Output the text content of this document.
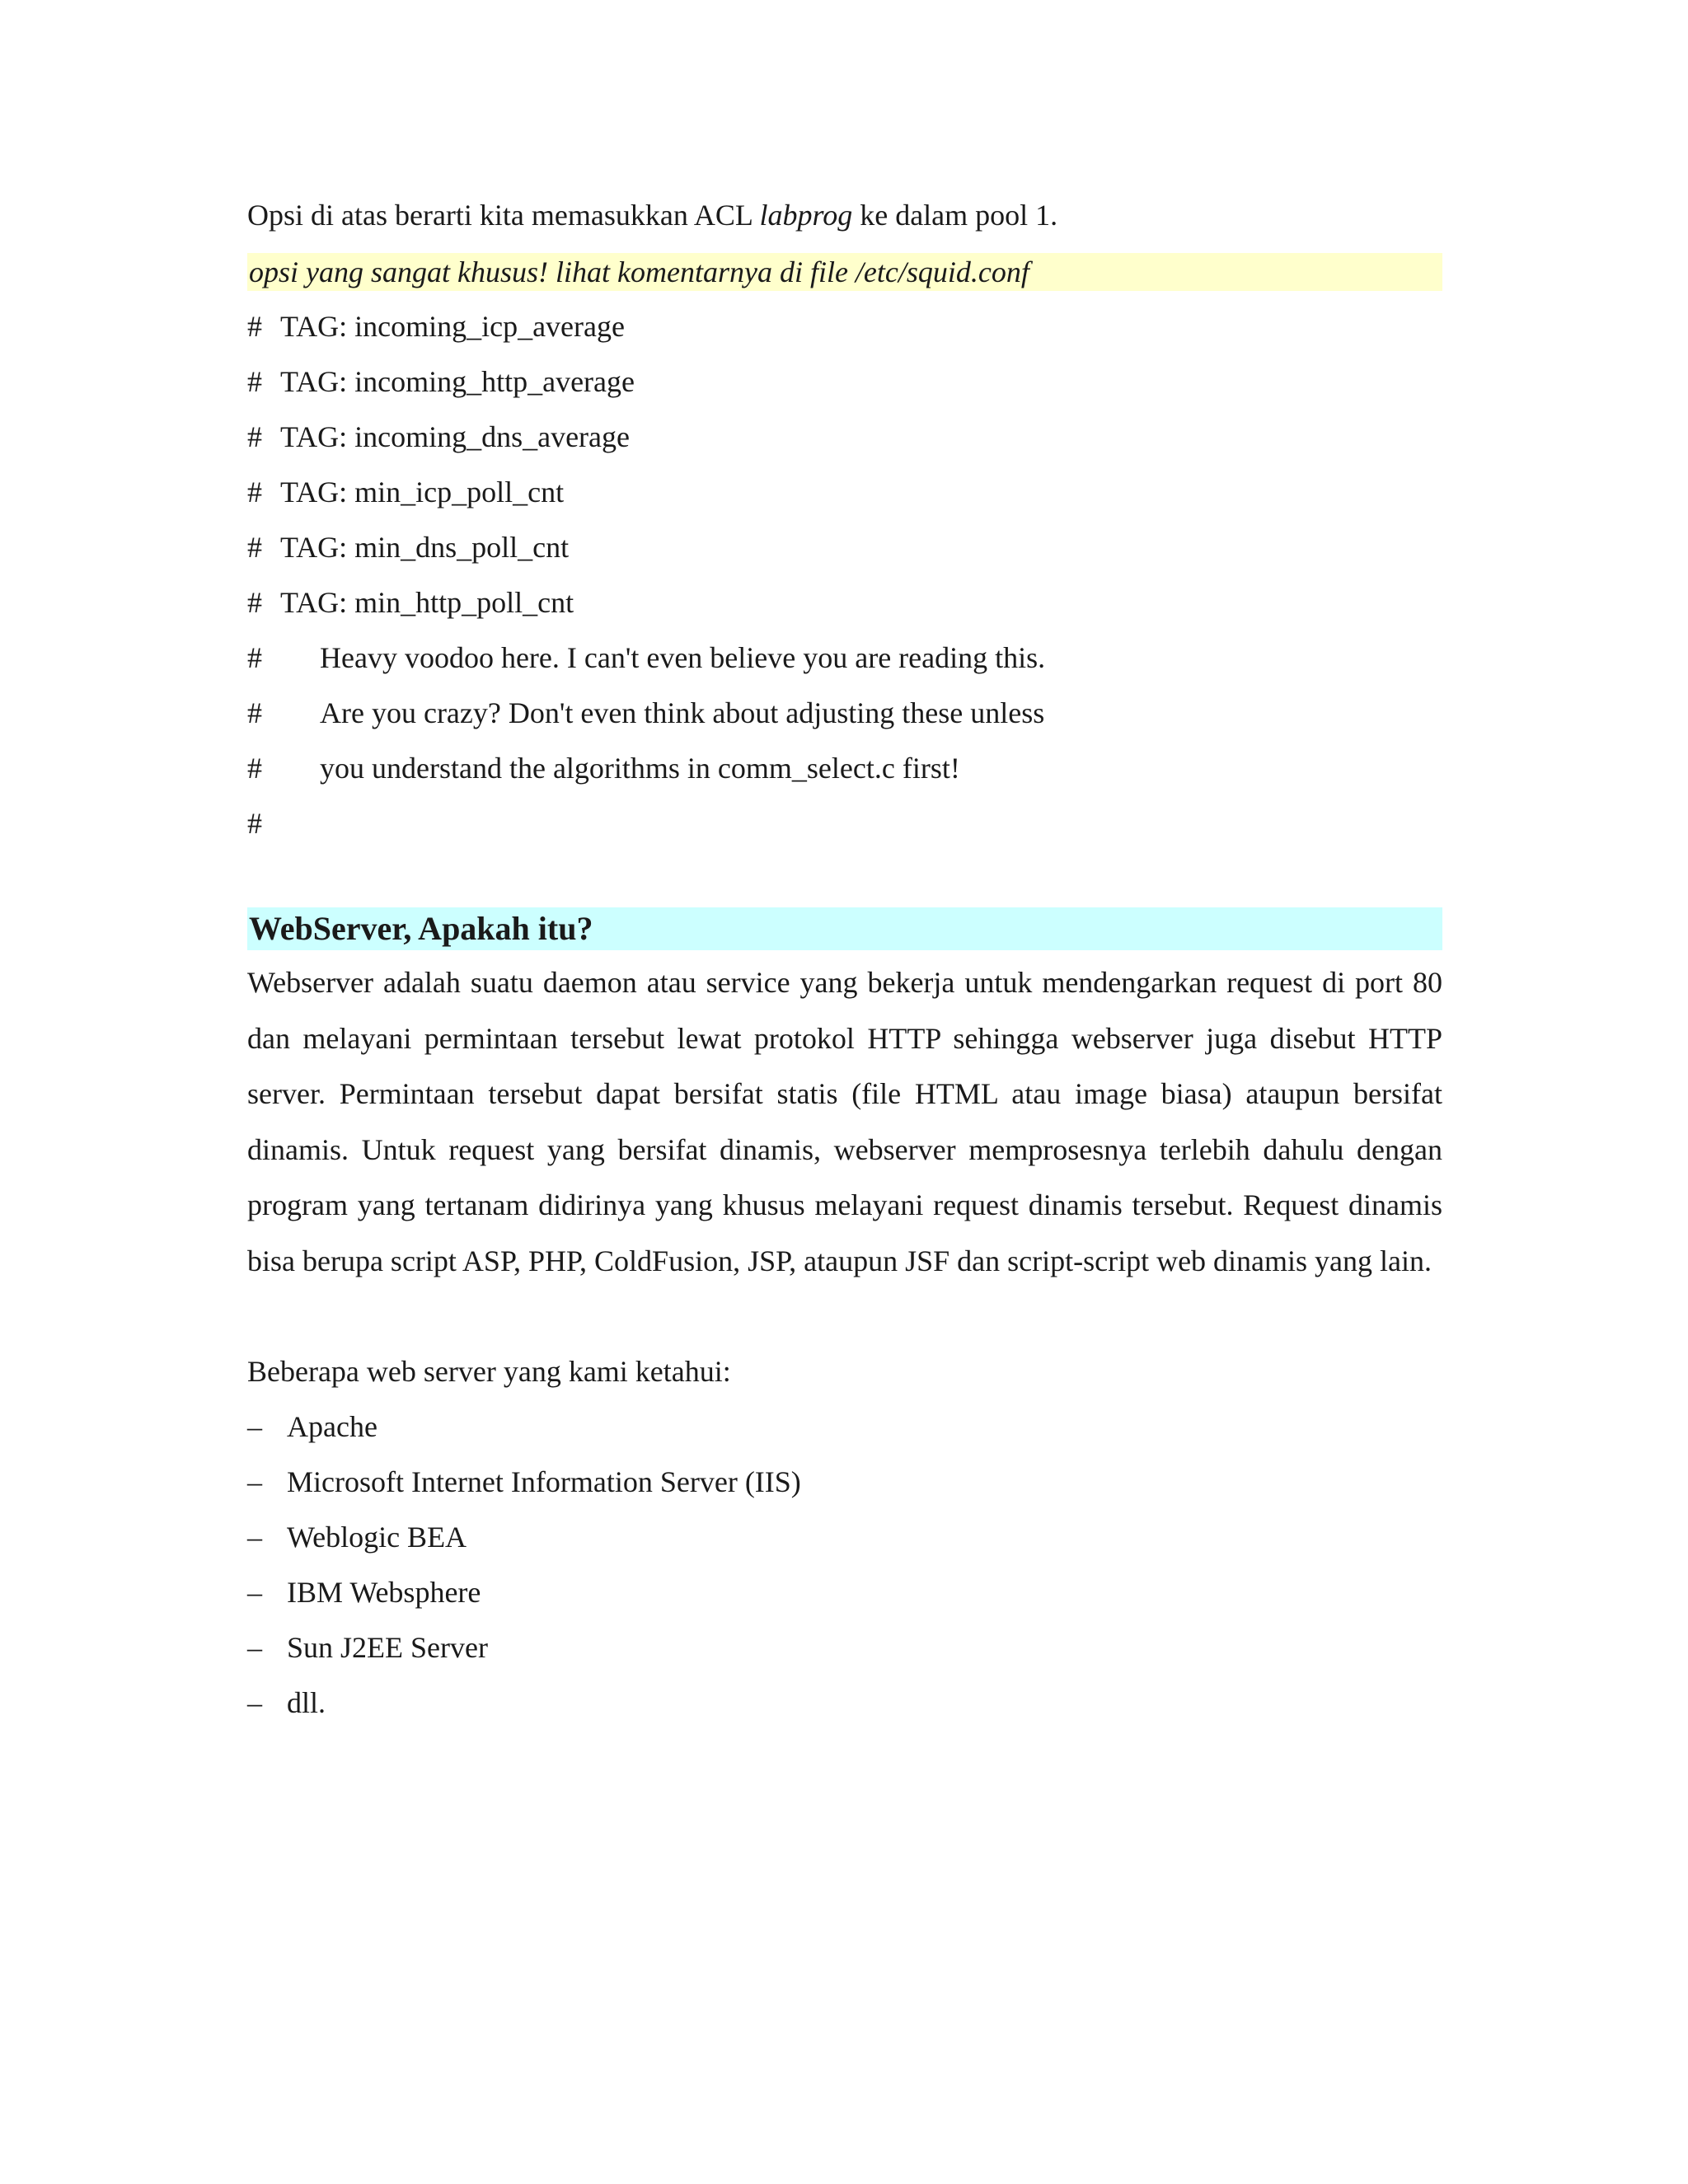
Opsi di atas berarti kita memasukkan ACL labprog ke dalam pool 1.
opsi yang sangat khusus! lihat komentarnya di file /etc/squid.conf
# TAG: incoming_icp_average
# TAG: incoming_http_average
# TAG: incoming_dns_average
# TAG: min_icp_poll_cnt
# TAG: min_dns_poll_cnt
# TAG: min_http_poll_cnt
# Heavy voodoo here. I can't even believe you are reading this.
# Are you crazy? Don't even think about adjusting these unless
# you understand the algorithms in comm_select.c first!
#
WebServer, Apakah itu?

Webserver adalah suatu daemon atau service yang bekerja untuk mendengarkan request di port 80 dan melayani permintaan tersebut lewat protokol HTTP sehingga webserver juga disebut HTTP server. Permintaan tersebut dapat bersifat statis (file HTML atau image biasa) ataupun bersifat dinamis. Untuk request yang bersifat dinamis, webserver memprosesnya terlebih dahulu dengan program yang tertanam didirinya yang khusus melayani request dinamis tersebut. Request dinamis bisa berupa script ASP, PHP, ColdFusion, JSP, ataupun JSF dan script-script web dinamis yang lain.

Beberapa web server yang kami ketahui:
– Apache
– Microsoft Internet Information Server (IIS)
– Weblogic BEA
– IBM Websphere
– Sun J2EE Server
– dll.
